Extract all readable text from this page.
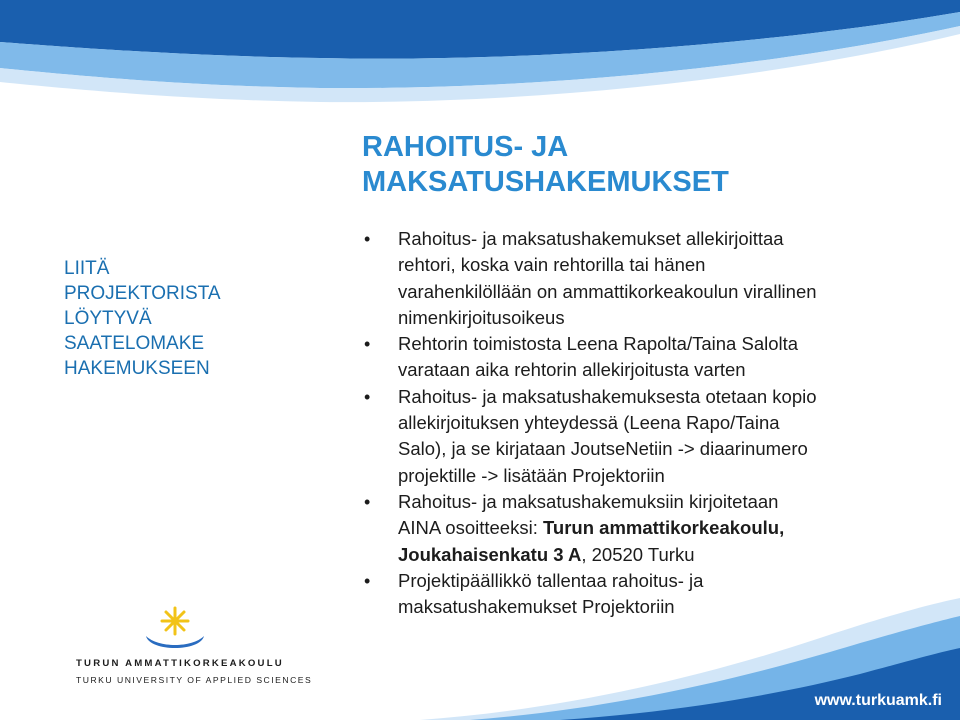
LIITÄ
PROJEKTORISTA
LÖYTYVÄ
SAATELOMAKE
HAKEMUKSEEN
RAHOITUS- JA
MAKSATUSHAKEMUKSET
• Rahoitus- ja maksatushakemukset allekirjoittaa
rehtori, koska vain rehtorilla tai hänen
varahenkilöllään on ammattikorkeakoulun virallinen
nimenkirjoitusoikeus
• Rehtorin toimistosta Leena Rapolta/Taina Salolta
varataan aika rehtorin allekirjoitusta varten
• Rahoitus- ja maksatushakemuksesta otetaan kopio
allekirjoituksen yhteydessä (Leena Rapo/Taina
Salo), ja se kirjataan JoutseNetiin -> diaarinumero
projektille -> lisätään Projektoriin
• Rahoitus- ja maksatushakemuksiin kirjoitetaan
AINA osoitteeksi: Turun ammattikorkeakoulu,
Joukahaisenkatu 3 A, 20520 Turku
• Projektipäällikkö tallentaa rahoitus- ja
maksatushakemukset Projektoriin
TURUN AMMATTIKORKEAKOULU
TURKU UNIVERSITY OF APPLIED SCIENCES
www.turkuamk.fi
